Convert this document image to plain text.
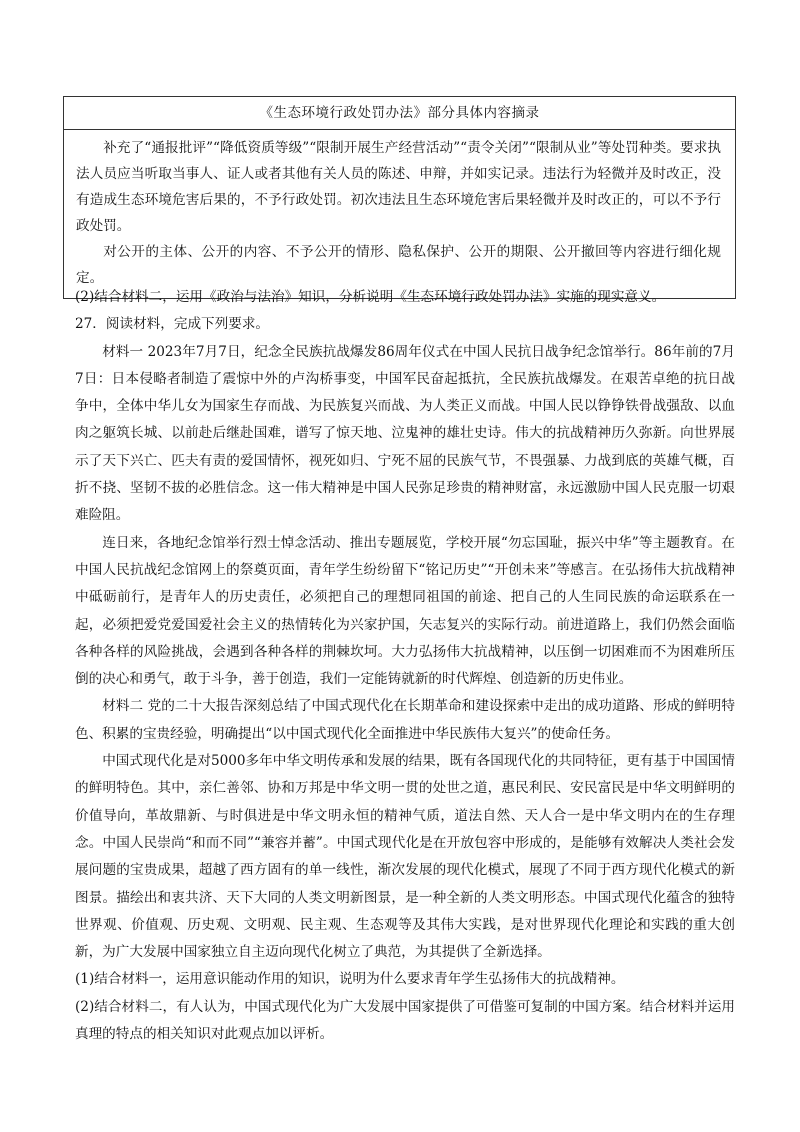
《生态环境行政处罚办法》部分具体内容摘录

补充了“通报批评”“降低资质等级”“限制开展生产经营活动”“责令关闭”“限制从业”等处罚种类。要求执法人员应当听取当事人、证人或者其他有关人员的陈述、申辩，并如实记录。违法行为轻微并及时改正，没有造成生态环境危害后果的，不予行政处罚。初次违法且生态环境危害后果轻微并及时改正的，可以不予行政处罚。

对公开的主体、公开的内容、不予公开的情形、隐私保护、公开的期限、公开撤回等内容进行细化规定。

(2)结合材料二，运用《政治与法治》知识，分析说明《生态环境行政处罚办法》实施的现实意义。

27．阅读材料，完成下列要求。

材料一 2023年7月7日，纪念全民族抗战爆发86周年仪式在中国人民抗日战争纪念馆举行。86年前的7月7日：日本侵略者制造了震惊中外的卢沟桥事变，中国军民奋起抵抗，全民族抗战爆发。在艰苦卓绝的抗日战争中，全体中华儿女为国家生存而战、为民族复兴而战、为人类正义而战。中国人民以铮铮铁骨战强敌、以血肉之躯筑长城、以前赴后继赴国难，谱写了惊天地、泣鬼神的雄壮史诗。伟大的抗战精神历久弥新。向世界展示了天下兴亡、匹夫有责的爱国情怀，视死如归、宁死不屈的民族气节，不畏强暴、力战到底的英雄气概，百折不挠、坚韧不拔的必胜信念。这一伟大精神是中国人民弥足珍贵的精神财富，永远激励中国人民克服一切艰难险阻。

连日来，各地纪念馆举行烈士悼念活动、推出专题展览，学校开展“勿忘国耻，振兴中华”等主题教育。在中国人民抗战纪念馆网上的祭奠页面，青年学生纷纷留下“铭记历史”“开创未来”等感言。在弘扬伟大抗战精神中砥砺前行，是青年人的历史责任，必须把自己的理想同祖国的前途、把自己的人生同民族的命运联系在一起，必须把爱党爱国爱社会主义的热情转化为兴家护国，矢志复兴的实际行动。前进道路上，我们仍然会面临各种各样的风险挑战，会遇到各种各样的荆棘坎坷。大力弘扬伟大抗战精神，以压倒一切困难而不为困难所压倒的决心和勇气，敢于斗争，善于创造，我们一定能铸就新的时代辉煌、创造新的历史伟业。

材料二 党的二十大报告深刻总结了中国式现代化在长期革命和建设探索中走出的成功道路、形成的鲜明特色、积累的宝贵经验，明确提出“以中国式现代化全面推进中华民族伟大复兴”的使命任务。

中国式现代化是对5000多年中华文明传承和发展的结果，既有各国现代化的共同特征，更有基于中国国情的鲜明特色。其中，亲仁善邻、协和万邦是中华文明一贯的处世之道，惠民利民、安民富民是中华文明鲜明的价值导向，革故鼎新、与时俱进是中华文明永恒的精神气质，道法自然、天人合一是中华文明内在的生存理念。中国人民崇尚“和而不同”“兼容并蓄”。中国式现代化是在开放包容中形成的，是能够有效解决人类社会发展问题的宝贵成果，超越了西方固有的单一线性，渐次发展的现代化模式，展现了不同于西方现代化模式的新图景。描绘出和衷共济、天下大同的人类文明新图景，是一种全新的人类文明形态。中国式现代化蕴含的独特世界观、价值观、历史观、文明观、民主观、生态观等及其伟大实践，是对世界现代化理论和实践的重大创新，为广大发展中国家独立自主迈向现代化树立了典范，为其提供了全新选择。

(1)结合材料一，运用意识能动作用的知识，说明为什么要求青年学生弘扬伟大的抗战精神。

(2)结合材料二，有人认为，中国式现代化为广大发展中国家提供了可借鉴可复制的中国方案。结合材料并运用真理的特点的相关知识对此观点加以评析。
